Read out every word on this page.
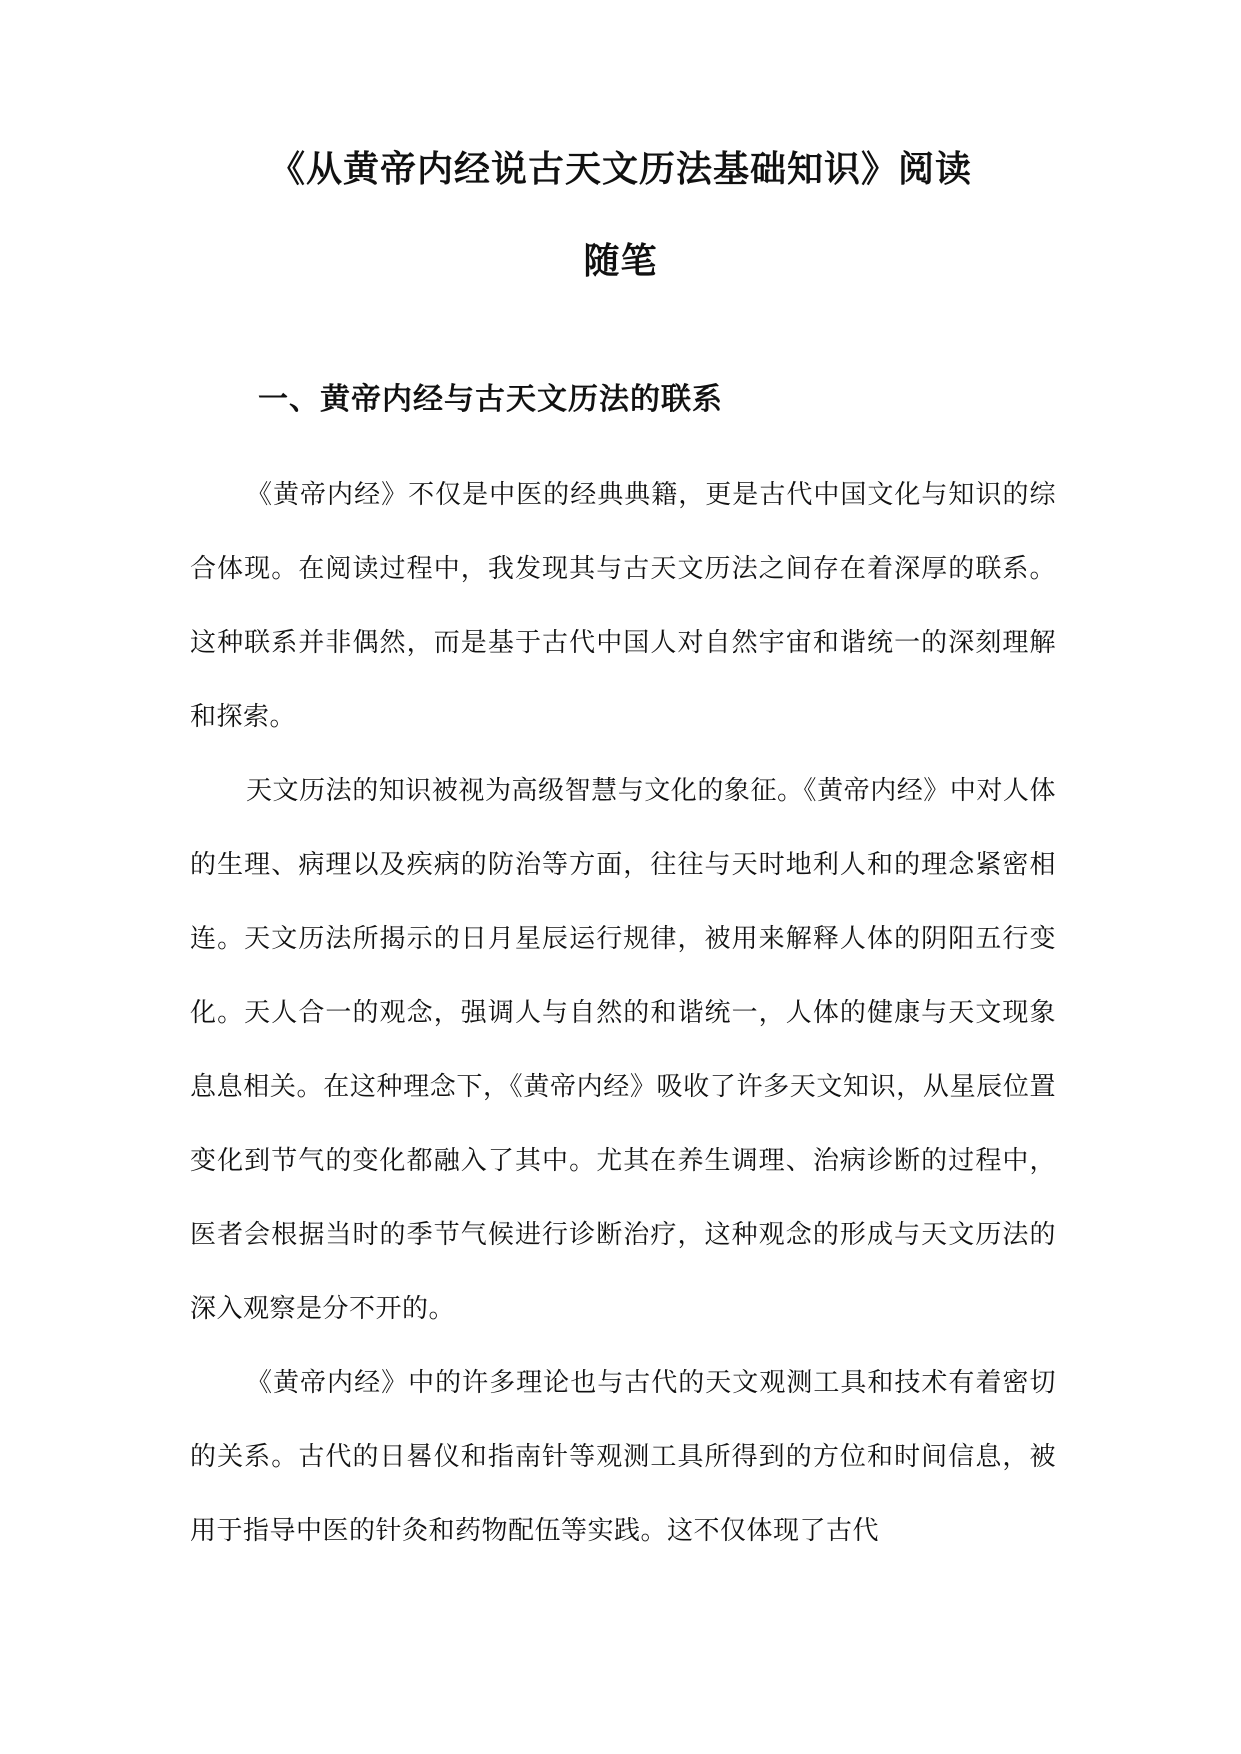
《从黄帝内经说古天文历法基础知识》阅读

随笔

一、黄帝内经与古天文历法的联系

《黄帝内经》不仅是中医的经典典籍，更是古代中国文化与知识的综合体现。在阅读过程中，我发现其与古天文历法之间存在着深厚的联系。这种联系并非偶然，而是基于古代中国人对自然宇宙和谐统一的深刻理解和探索。

天文历法的知识被视为高级智慧与文化的象征。《黄帝内经》中对人体的生理、病理以及疾病的防治等方面，往往与天时地利人和的理念紧密相连。天文历法所揭示的日月星辰运行规律，被用来解释人体的阴阳五行变化。天人合一的观念，强调人与自然的和谐统一，人体的健康与天文现象息息相关。在这种理念下，《黄帝内经》吸收了许多天文知识，从星辰位置变化到节气的变化都融入了其中。尤其在养生调理、治病诊断的过程中，医者会根据当时的季节气候进行诊断治疗，这种观念的形成与天文历法的深入观察是分不开的。

《黄帝内经》中的许多理论也与古代的天文观测工具和技术有着密切的关系。古代的日晷仪和指南针等观测工具所得到的方位和时间信息，被用于指导中医的针灸和药物配伍等实践。这不仅体现了古代
